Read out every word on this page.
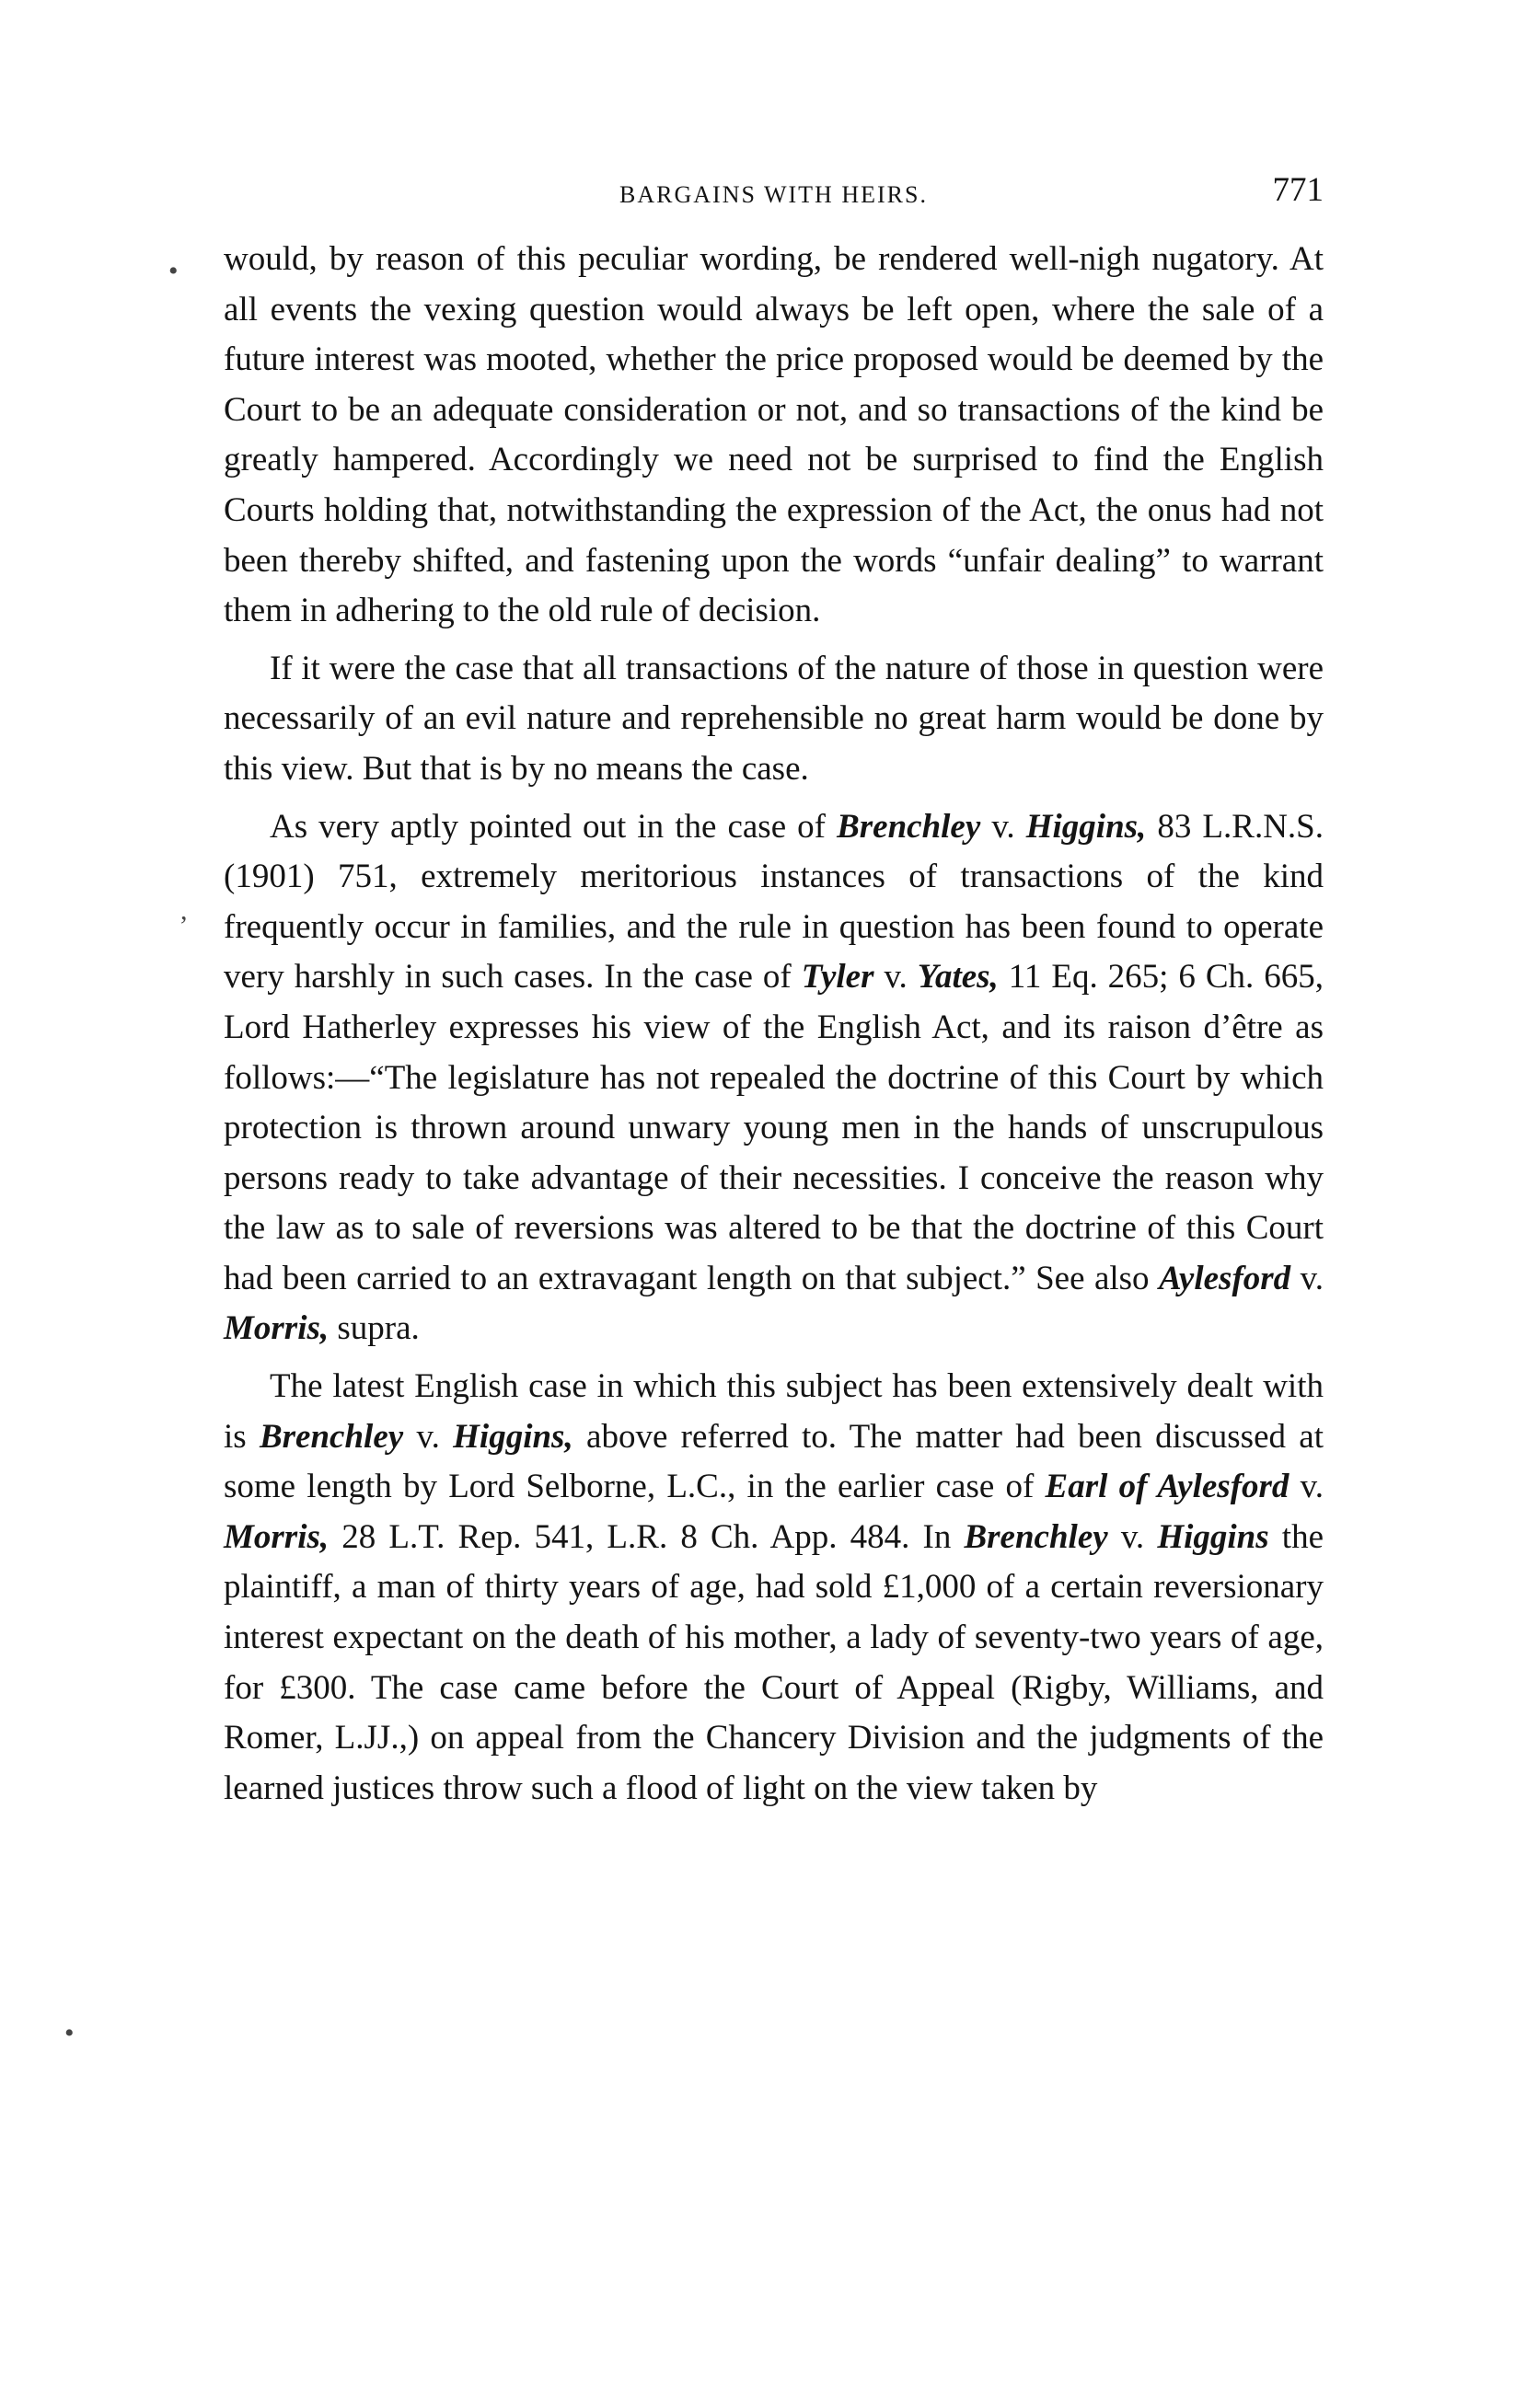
BARGAINS WITH HEIRS.	771

would, by reason of this peculiar wording, be rendered well-nigh nugatory. At all events the vexing question would always be left open, where the sale of a future interest was mooted, whether the price proposed would be deemed by the Court to be an adequate consideration or not, and so transactions of the kind be greatly hampered. Accordingly we need not be surprised to find the English Courts holding that, notwithstanding the expression of the Act, the onus had not been thereby shifted, and fastening upon the words “unfair dealing” to warrant them in adhering to the old rule of decision.

If it were the case that all transactions of the nature of those in question were necessarily of an evil nature and reprehensible no great harm would be done by this view. But that is by no means the case.

As very aptly pointed out in the case of Brenchley v. Higgins, 83 L.R.N.S. (1901) 751, extremely meritorious instances of transactions of the kind frequently occur in families, and the rule in question has been found to operate very harshly in such cases. In the case of Tyler v. Yates, 11 Eq. 265; 6 Ch. 665, Lord Hatherley expresses his view of the English Act, and its raison d’être as follows:—“The legislature has not repealed the doctrine of this Court by which protection is thrown around unwary young men in the hands of unscrupulous persons ready to take advantage of their necessities. I conceive the reason why the law as to sale of reversions was altered to be that the doctrine of this Court had been carried to an extravagant length on that subject.” See also Aylesford v. Morris, supra.

The latest English case in which this subject has been extensively dealt with is Brenchley v. Higgins, above referred to. The matter had been discussed at some length by Lord Selborne, L.C., in the earlier case of Earl of Aylesford v. Morris, 28 L.T. Rep. 541, L.R. 8 Ch. App. 484. In Brenchley v. Higgins the plaintiff, a man of thirty years of age, had sold £1,000 of a certain reversionary interest expectant on the death of his mother, a lady of seventy-two years of age, for £300. The case came before the Court of Appeal (Rigby, Williams, and Romer, L.JJ.,) on appeal from the Chancery Division and the judgments of the learned justices throw such a flood of light on the view taken by

•
,
•
